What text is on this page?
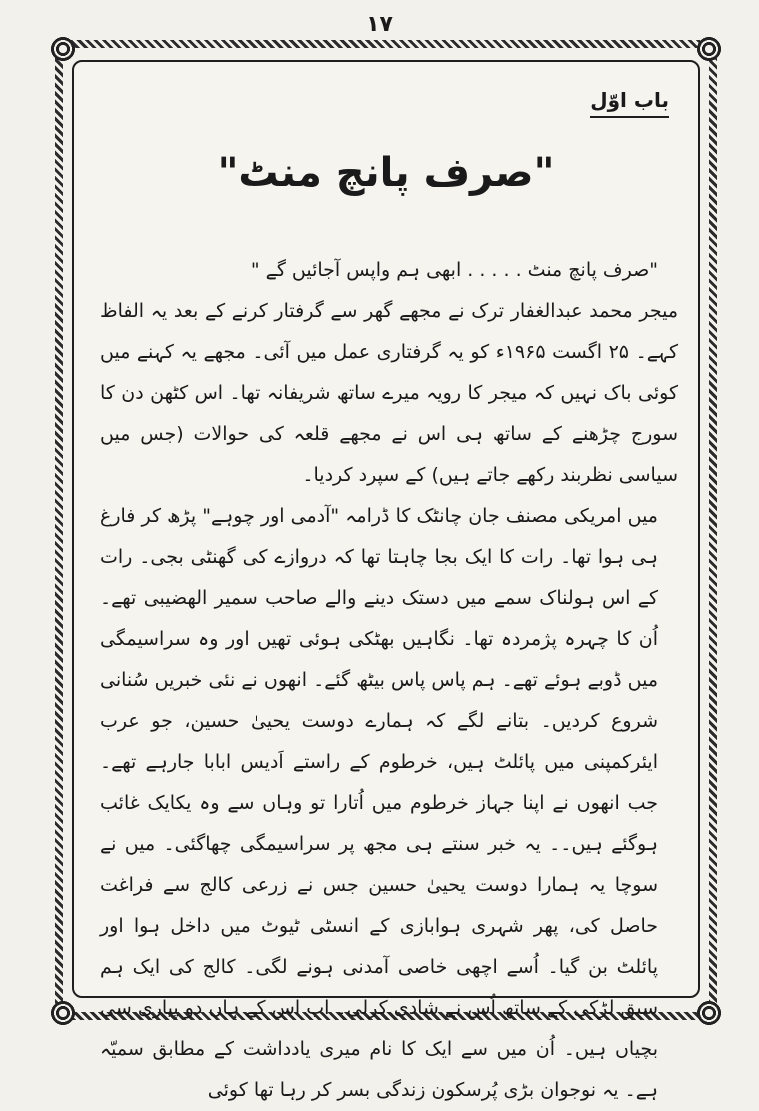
١٧
باب اوّل
"صرف پانچ منٹ"

"صرف پانچ منٹ . . . . . ابھی ہم واپس آجائیں گے "

میجر محمد عبدالغفار ترک نے مجھے گھر سے گرفتار کرنے کے بعد یہ الفاظ کہے۔ ۲۵ اگست ۱۹۶۵ء کو یہ گرفتاری عمل میں آئی۔ مجھے یہ کہنے میں کوئی باک نہیں کہ میجر کا رویہ میرے ساتھ شریفانہ تھا۔ اس کٹھن دن کا سورج چڑھنے کے ساتھ ہی اس نے مجھے قلعہ کی حوالات (جس میں سیاسی نظربند رکھے جاتے ہیں) کے سپرد کردیا۔

میں امریکی مصنف جان چانٹک کا ڈرامہ "آدمی اور چوہے" پڑھ کر فارغ ہی ہوا تھا۔ رات کا ایک بجا چاہتا تھا کہ دروازے کی گھنٹی بجی۔ رات کے اس ہولناک سمے میں دستک دینے والے صاحب سمیر الھضیبی تھے۔ اُن کا چہرہ پژمردہ تھا۔ نگاہیں بھٹکی ہوئی تھیں اور وہ سراسیمگی میں ڈوبے ہوئے تھے۔ ہم پاس پاس بیٹھ گئے۔ انھوں نے نئی خبریں سُنانی شروع کردیں۔ بتانے لگے کہ ہمارے دوست یحییٰ حسین، جو عرب ایئرکمپنی میں پائلٹ ہیں، خرطوم کے راستے اَدیس ابابا جارہے تھے۔ جب انھوں نے اپنا جہاز خرطوم میں اُتارا تو وہاں سے وہ یکایک غائب ہوگئے ہیں۔۔ یہ خبر سنتے ہی مجھ پر سراسیمگی چھاگئی۔ میں نے سوچا یہ ہمارا دوست یحییٰ حسین جس نے زرعی کالج سے فراغت حاصل کی، پھر شہری ہوابازی کے انسٹی ٹیوٹ میں داخل ہوا اور پائلٹ بن گیا۔ اُسے اچھی خاصی آمدنی ہونے لگی۔ کالج کی ایک ہم سبق لڑکی کے ساتھ اُس نے شادی کرلی۔ اب اس کے ہاں دو پیاری سی بچیاں ہیں۔ اُن میں سے ایک کا نام میری یادداشت کے مطابق سمیّہ ہے۔ یہ نوجوان بڑی پُرسکون زندگی بسر کر رہا تھا کوئی
